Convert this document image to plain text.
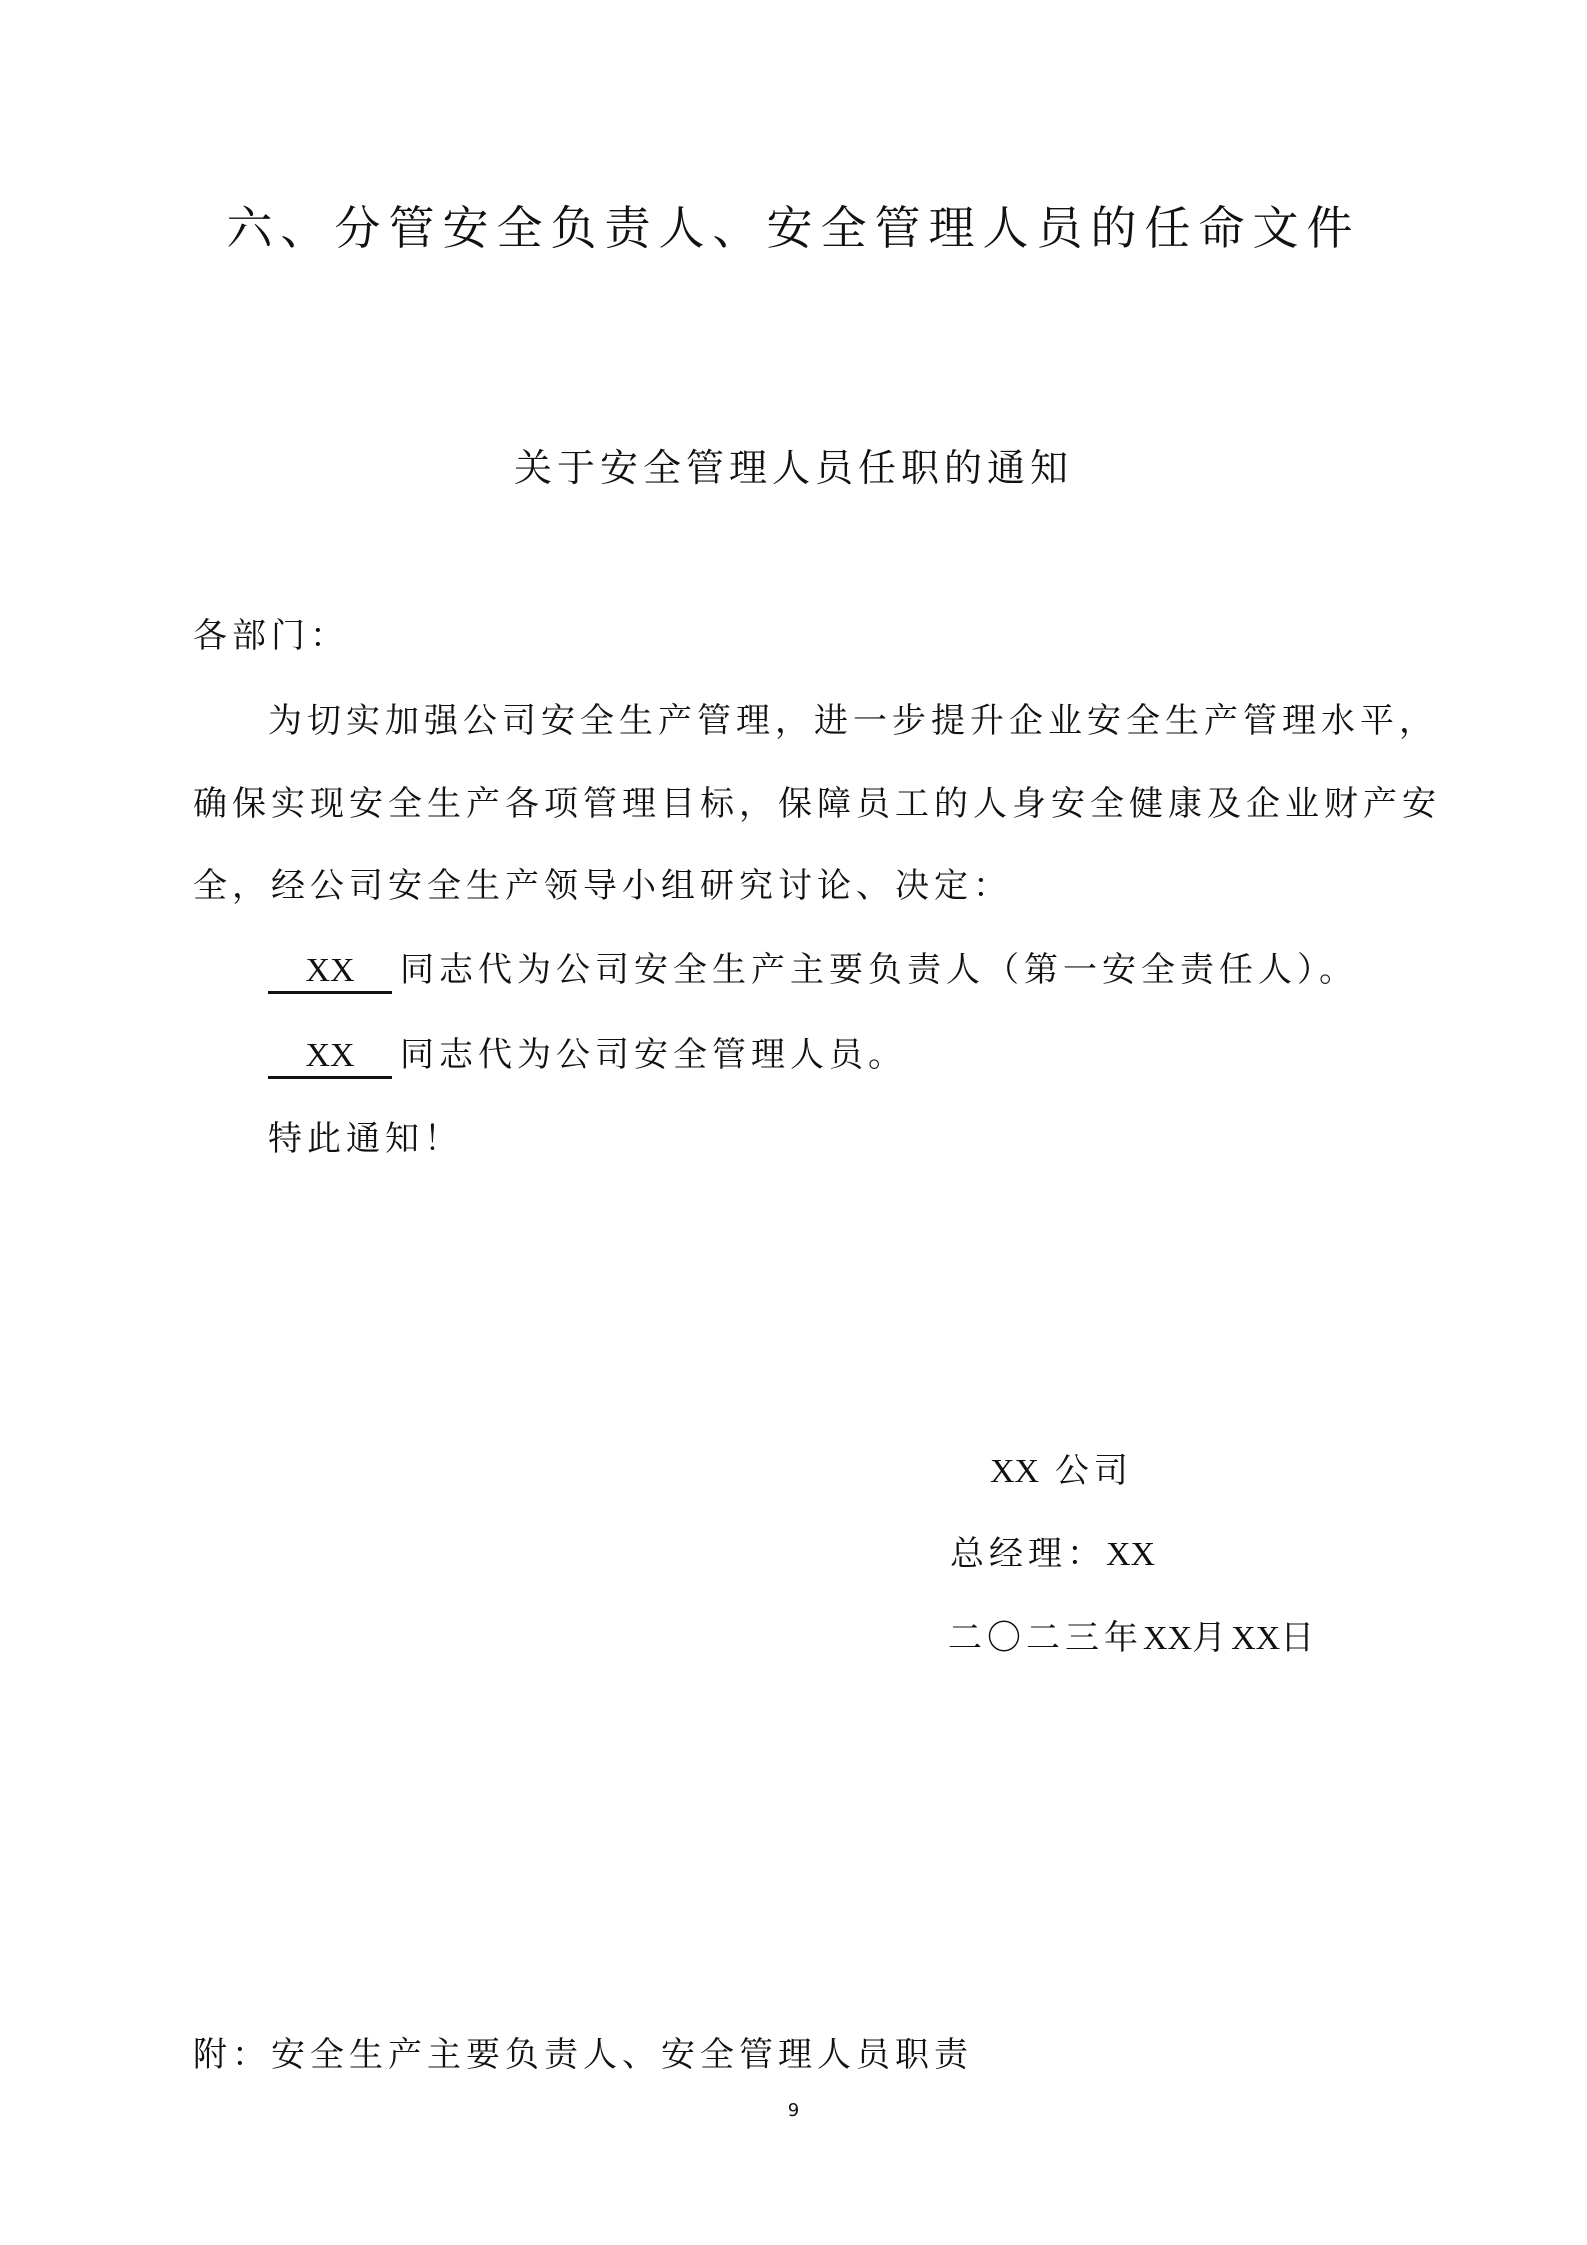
六、分管安全负责人、安全管理人员的任命文件
关于安全管理人员任职的通知
各部门：
为切实加强公司安全生产管理，进一步提升企业安全生产管理水平，
确保实现安全生产各项管理目标，保障员工的人身安全健康及企业财产安
全，经公司安全生产领导小组研究讨论、决定：
XX 同志代为公司安全生产主要负责人（第一安全责任人）。
XX 同志代为公司安全管理人员。
特此通知！
XX 公司
总经理：XX
二〇二三年XX月XX日
附：安全生产主要负责人、安全管理人员职责
9
